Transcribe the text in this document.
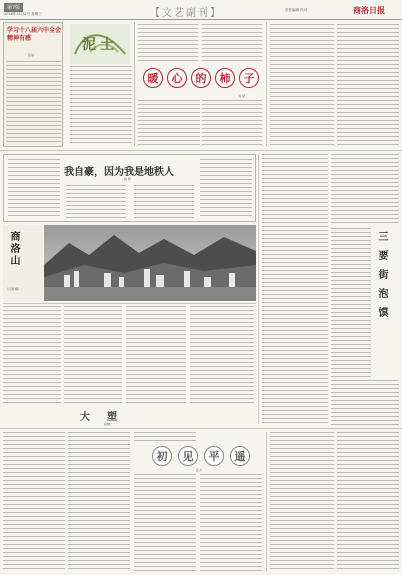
第7版
2016年11月2日 星期三	【文艺副刊】	责任编辑 校对	商洛日报
学习十八届六中全会精神有感
张丽
泥土
暖	心	的	柿	子
刘 斌
我自豪，因为我是地秩人
杨 晖
商洛山
（记者 摄）
三
要
街
泡
馍
大 塑
赵晓
初	见	平	遥
张力
